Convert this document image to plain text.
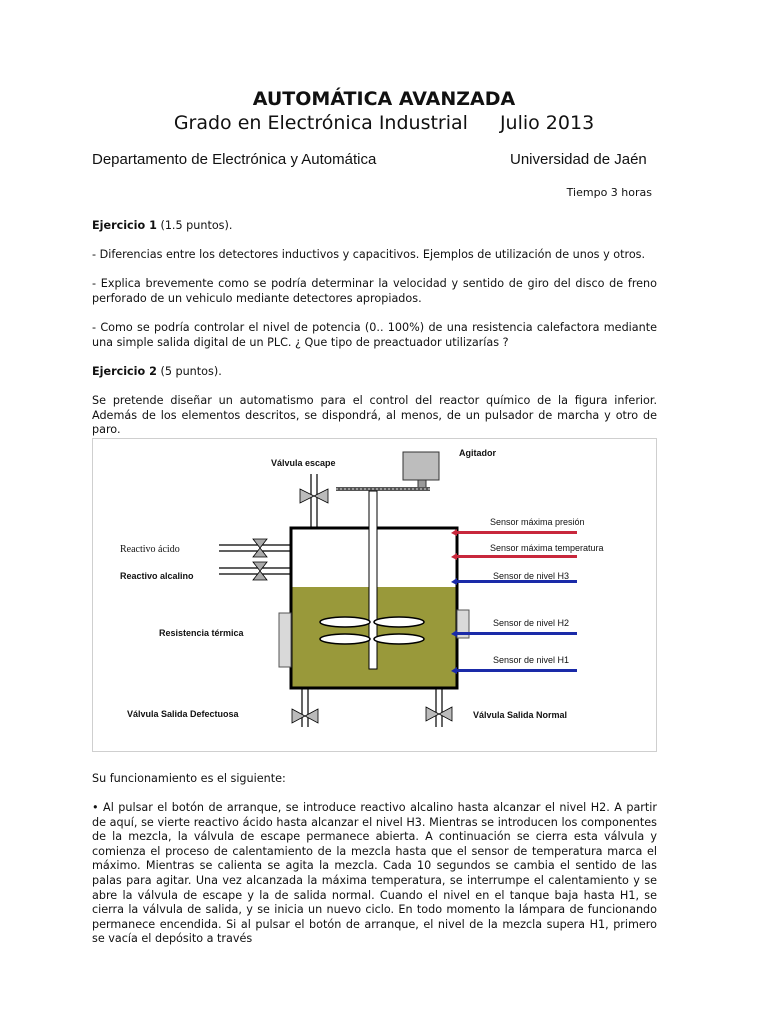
AUTOMÁTICA AVANZADA
Grado en Electrónica Industrial Julio 2013
Departamento de Electrónica y Automática	Universidad de Jaén
Tiempo 3 horas
Ejercicio 1 (1.5 puntos).
- Diferencias entre los detectores inductivos y capacitivos. Ejemplos de utilización de unos y otros.
- Explica brevemente como se podría determinar la velocidad y sentido de giro del disco de freno perforado de un vehiculo mediante detectores apropiados.
- Como se podría controlar el nivel de potencia (0.. 100%) de una resistencia calefactora mediante una simple salida digital de un PLC. ¿ Que tipo de preactuador utilizarías ?
Ejercicio 2 (5 puntos).
Se pretende diseñar un automatismo para el control del reactor químico de la figura inferior. Además de los elementos descritos, se dispondrá, al menos, de un pulsador de marcha y otro de paro.
Válvula escape
Agitador
Reactivo ácido
Reactivo alcalino
Resistencia térmica
Sensor máxima presión
Sensor máxima temperatura
Sensor de nivel H3
Sensor de nivel H2
Sensor de nivel H1
Válvula Salida Defectuosa	Válvula Salida Normal
Su funcionamiento es el siguiente:
• Al pulsar el botón de arranque, se introduce reactivo alcalino hasta alcanzar el nivel H2. A partir de aquí, se vierte reactivo ácido hasta alcanzar el nivel H3. Mientras se introducen los componentes de la mezcla, la válvula de escape permanece abierta. A continuación se cierra esta válvula y comienza el proceso de calentamiento de la mezcla hasta que el sensor de temperatura marca el máximo. Mientras se calienta se agita la mezcla. Cada 10 segundos se cambia el sentido de las palas para agitar. Una vez alcanzada la máxima temperatura, se interrumpe el calentamiento y se abre la válvula de escape y la de salida normal. Cuando el nivel en el tanque baja hasta H1, se cierra la válvula de salida, y se inicia un nuevo ciclo. En todo momento la lámpara de funcionando permanece encendida. Si al pulsar el botón de arranque, el nivel de la mezcla supera H1, primero se vacía el depósito a través
